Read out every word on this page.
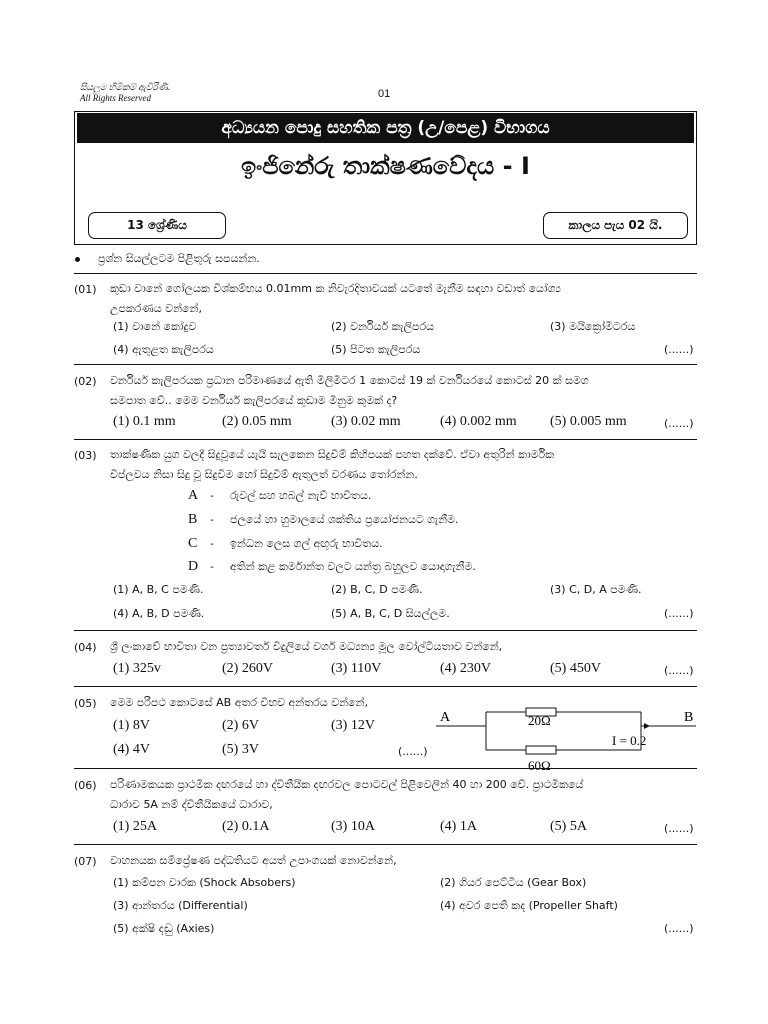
සියලුම හිමිකම් ඇවිරිණි.
All Rights Reserved	01
අධ්‍යයන පොදු සහතික පත්‍ර (උ/පෙළ) විභාගය
ඉංජිනේරු තාක්ෂණවේදය - I
13 ශ්‍රේණිය	කාලය පැය 02 යි.
ප්‍රශ්න සියල්ලටම පිළිතුරු සපයන්න.
(01) කුඩා වානේ ගෝලයක විශ්කම්භය 0.01mm ක නිවැරදිතාවයක් යටතේ මැනීම සඳහා වඩාත් යෝග්‍ය
උපකරණය වන්නේ,
(1) වානේ කෝදුව	(2) වර්නියර් කැලිපරය	(3) මයික්‍රෝමීටරය
(4) ඇතුළත කැලිපරය	(5) පිටත කැලිපරය	(......)
(02) වර්නියර් කැලිපරයක ප්‍රධාන පරිමාණයේ ඇති මිලිමීටර 1 කොටස් 19 ක් වර්නියරයේ කොටස් 20 ක් සමග
සමපාත වේ.. මෙම වර්නියර් කැලිපරයේ කුඩාම මිනුම කුමක් ද?
(1) 0.1 mm	(2) 0.05 mm	(3) 0.02 mm	(4) 0.002 mm (5) 0.005 mm	(......)
(03) තාක්ෂණික යුග වලදී සිදුවූයේ යැයි සැලකෙන සිදුවීම් කිහිපයක් පහත දක්වේ. ඒවා අතුරින් කාර්මික
විප්ලවය නිසා සිදු වූ සිදුවීම හෝ සිදුවීම් ඇතුලත් වරණය තෝරන්න.
A - රුවල් සහ හබල් නැව් භාවිතය.
B - ජලයේ හා හුමාලයේ ශක්තිය ප්‍රයෝජනයට ගැනීම.
C - ඉන්ධන ලෙස ගල් අඟුරු භාවිතය.
D - අතින් කළ කර්මාන්ත වලට යන්ත්‍ර බහුලව යොදාගැනීම.
(1) A, B, C පමණි.	(2) B, C, D පමණි.	(3) C, D, A පමණි.
(4) A, B, D පමණි.	(5) A, B, C, D සියල්ලම.	(......)
(04) ශ්‍රී ලංකාවේ භාවිතා වන ප්‍රත්‍යාවර්ත විදුලියේ වර්ග මධ්‍යන්‍ය මූල වෝල්ටීයතාව වන්නේ,
(1) 325v	(2) 260V	(3) 110V	(4) 230V	(5) 450V	(......)
(05) මෙම පරිපථ කොටසේ AB අතර විභව අන්තරය වන්නේ,
(1) 8V	(2) 6V	(3) 12V
(4) 4V	(5) 3V	(......)
A	B
20Ω
60Ω
I = 0.2
(06) පරිණාමකයක ප්‍රාථමික දඟරයේ හා ද්විතීයික දඟරවල පොටවල් පිළිවෙලින් 40 හා 200 වේ. ප්‍රාථමිකයේ
ධාරාව 5A නම් ද්විතීයිකයේ ධාරාව,
(1) 25A	(2) 0.1A	(3) 10A	(4) 1A	(5) 5A	(......)
(07) වාහනයක සම්ප්‍රේෂණ පද්ධතියට අයත් උපාංගයක් නොවන්නේ,
(1) කම්පන වාරක (Shock Absobers)	(2) ගියර පෙට්ටිය (Gear Box)
(3) ආන්තරය (Differential)	(4) අවර පෙති කද (Propeller Shaft)
(5) අක්ෂි දඬු (Axies)	(......)
